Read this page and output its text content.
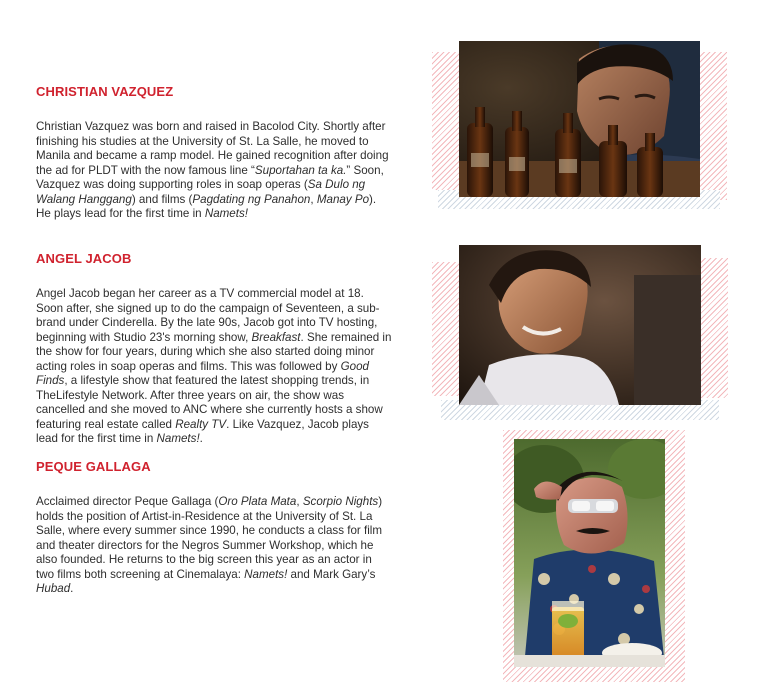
CHRISTIAN VAZQUEZ

Christian Vazquez was born and raised in Bacolod City. Shortly after finishing his studies at the University of St. La Salle, he moved to Manila and became a ramp model. He gained recognition after doing the ad for PLDT with the now famous line “Suportahan ta ka.” Soon, Vazquez was doing supporting roles in soap operas (Sa Dulo ng Walang Hanggang) and films (Pagdating ng Panahon, Manay Po). He plays lead for the first time in Namets!

ANGEL JACOB

Angel Jacob began her career as a TV commercial model at 18. Soon after, she signed up to do the campaign of Seventeen, a sub-brand under Cinderella. By the late 90s, Jacob got into TV hosting, beginning with Studio 23's morning show, Breakfast. She remained in the show for four years, during which she also started doing minor acting roles in soap operas and films. This was followed by Good Finds, a lifestyle show that featured the latest shopping trends, in TheLifestyle Network. After three years on air, the show was cancelled and she moved to ANC where she currently hosts a show featuring real estate called Realty TV. Like Vazquez, Jacob plays lead for the first time in Namets!.

PEQUE GALLAGA

Acclaimed director Peque Gallaga (Oro Plata Mata, Scorpio Nights) holds the position of Artist-in-Residence at the University of St. La Salle, where every summer since 1990, he conducts a class for film and theater directors for the Negros Summer Workshop, which he also founded. He returns to the big screen this year as an actor in two films both screening at Cinemalaya: Namets! and Mark Gary’s Hubad.
